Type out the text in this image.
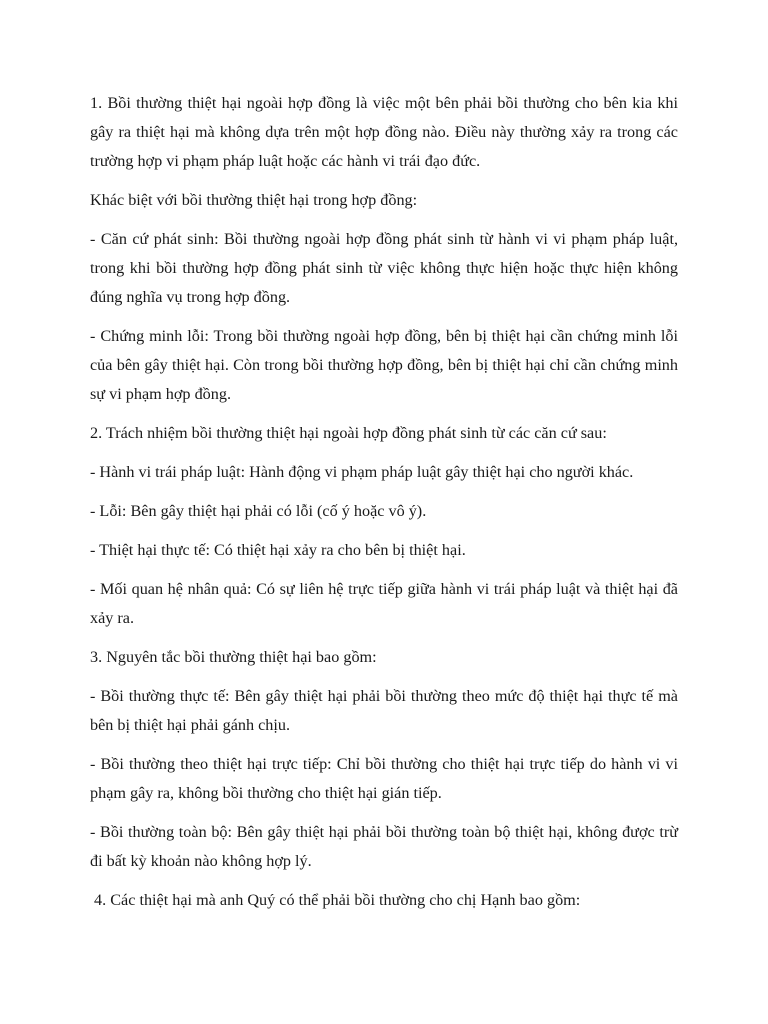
1. Bồi thường thiệt hại ngoài hợp đồng là việc một bên phải bồi thường cho bên kia khi gây ra thiệt hại mà không dựa trên một hợp đồng nào. Điều này thường xảy ra trong các trường hợp vi phạm pháp luật hoặc các hành vi trái đạo đức.

Khác biệt với bồi thường thiệt hại trong hợp đồng:

- Căn cứ phát sinh: Bồi thường ngoài hợp đồng phát sinh từ hành vi vi phạm pháp luật, trong khi bồi thường hợp đồng phát sinh từ việc không thực hiện hoặc thực hiện không đúng nghĩa vụ trong hợp đồng.

- Chứng minh lỗi: Trong bồi thường ngoài hợp đồng, bên bị thiệt hại cần chứng minh lỗi của bên gây thiệt hại. Còn trong bồi thường hợp đồng, bên bị thiệt hại chỉ cần chứng minh sự vi phạm hợp đồng.

2. Trách nhiệm bồi thường thiệt hại ngoài hợp đồng phát sinh từ các căn cứ sau:

- Hành vi trái pháp luật: Hành động vi phạm pháp luật gây thiệt hại cho người khác.

- Lỗi: Bên gây thiệt hại phải có lỗi (cố ý hoặc vô ý).

- Thiệt hại thực tế: Có thiệt hại xảy ra cho bên bị thiệt hại.

- Mối quan hệ nhân quả: Có sự liên hệ trực tiếp giữa hành vi trái pháp luật và thiệt hại đã xảy ra.

3. Nguyên tắc bồi thường thiệt hại bao gồm:

- Bồi thường thực tế: Bên gây thiệt hại phải bồi thường theo mức độ thiệt hại thực tế mà bên bị thiệt hại phải gánh chịu.

- Bồi thường theo thiệt hại trực tiếp: Chỉ bồi thường cho thiệt hại trực tiếp do hành vi vi phạm gây ra, không bồi thường cho thiệt hại gián tiếp.

- Bồi thường toàn bộ: Bên gây thiệt hại phải bồi thường toàn bộ thiệt hại, không được trừ đi bất kỳ khoản nào không hợp lý.

4. Các thiệt hại mà anh Quý có thể phải bồi thường cho chị Hạnh bao gồm:
